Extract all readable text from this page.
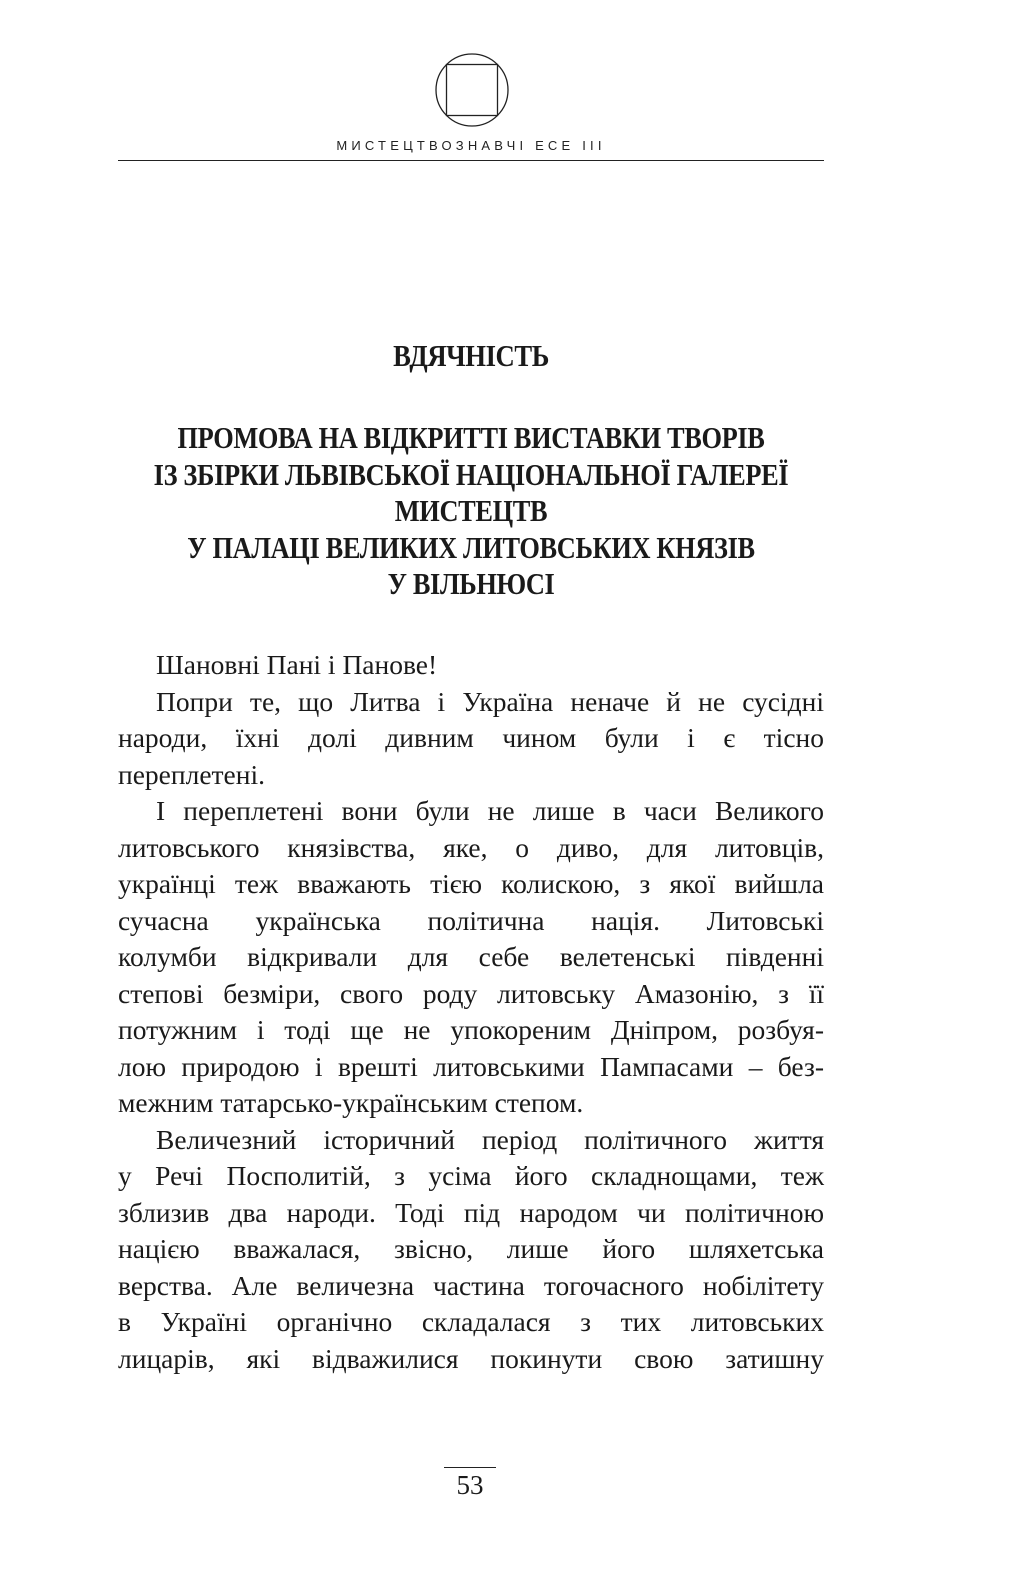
МИСТЕЦТВОЗНАВЧІ ЕСЕ III
ВДЯЧНІСТЬ
ПРОМОВА НА ВІДКРИТТІ ВИСТАВКИ ТВОРІВ
ІЗ ЗБІРКИ ЛЬВІВСЬКОЇ НАЦІОНАЛЬНОЇ ГАЛЕРЕЇ
МИСТЕЦТВ
У ПАЛАЦІ ВЕЛИКИХ ЛИТОВСЬКИХ КНЯЗІВ
У ВІЛЬНЮСІ
Шановні Пані і Панове!
Попри те, що Литва і Україна неначе й не сусідні
народи, їхні долі дивним чином були і є тісно
переплетені.
І переплетені вони були не лише в часи Великого
литовського князівства, яке, о диво, для литовців,
українці теж вважають тією колискою, з якої вийшла
сучасна українська політична нація. Литовські
колумби відкривали для себе велетенські південні
степові безміри, свого роду литовську Амазонію, з її
потужним і тоді ще не упокореним Дніпром, розбуя-
лою природою і врешті литовськими Пампасами – без-
межним татарсько-українським степом.
Величезний історичний період політичного життя
у Речі Посполитій, з усіма його складнощами, теж
зблизив два народи. Тоді під народом чи політичною
нацією вважалася, звісно, лише його шляхетська
верства. Але величезна частина тогочасного нобілітету
в Україні органічно складалася з тих литовських
лицарів, які відважилися покинути свою затишну
53
